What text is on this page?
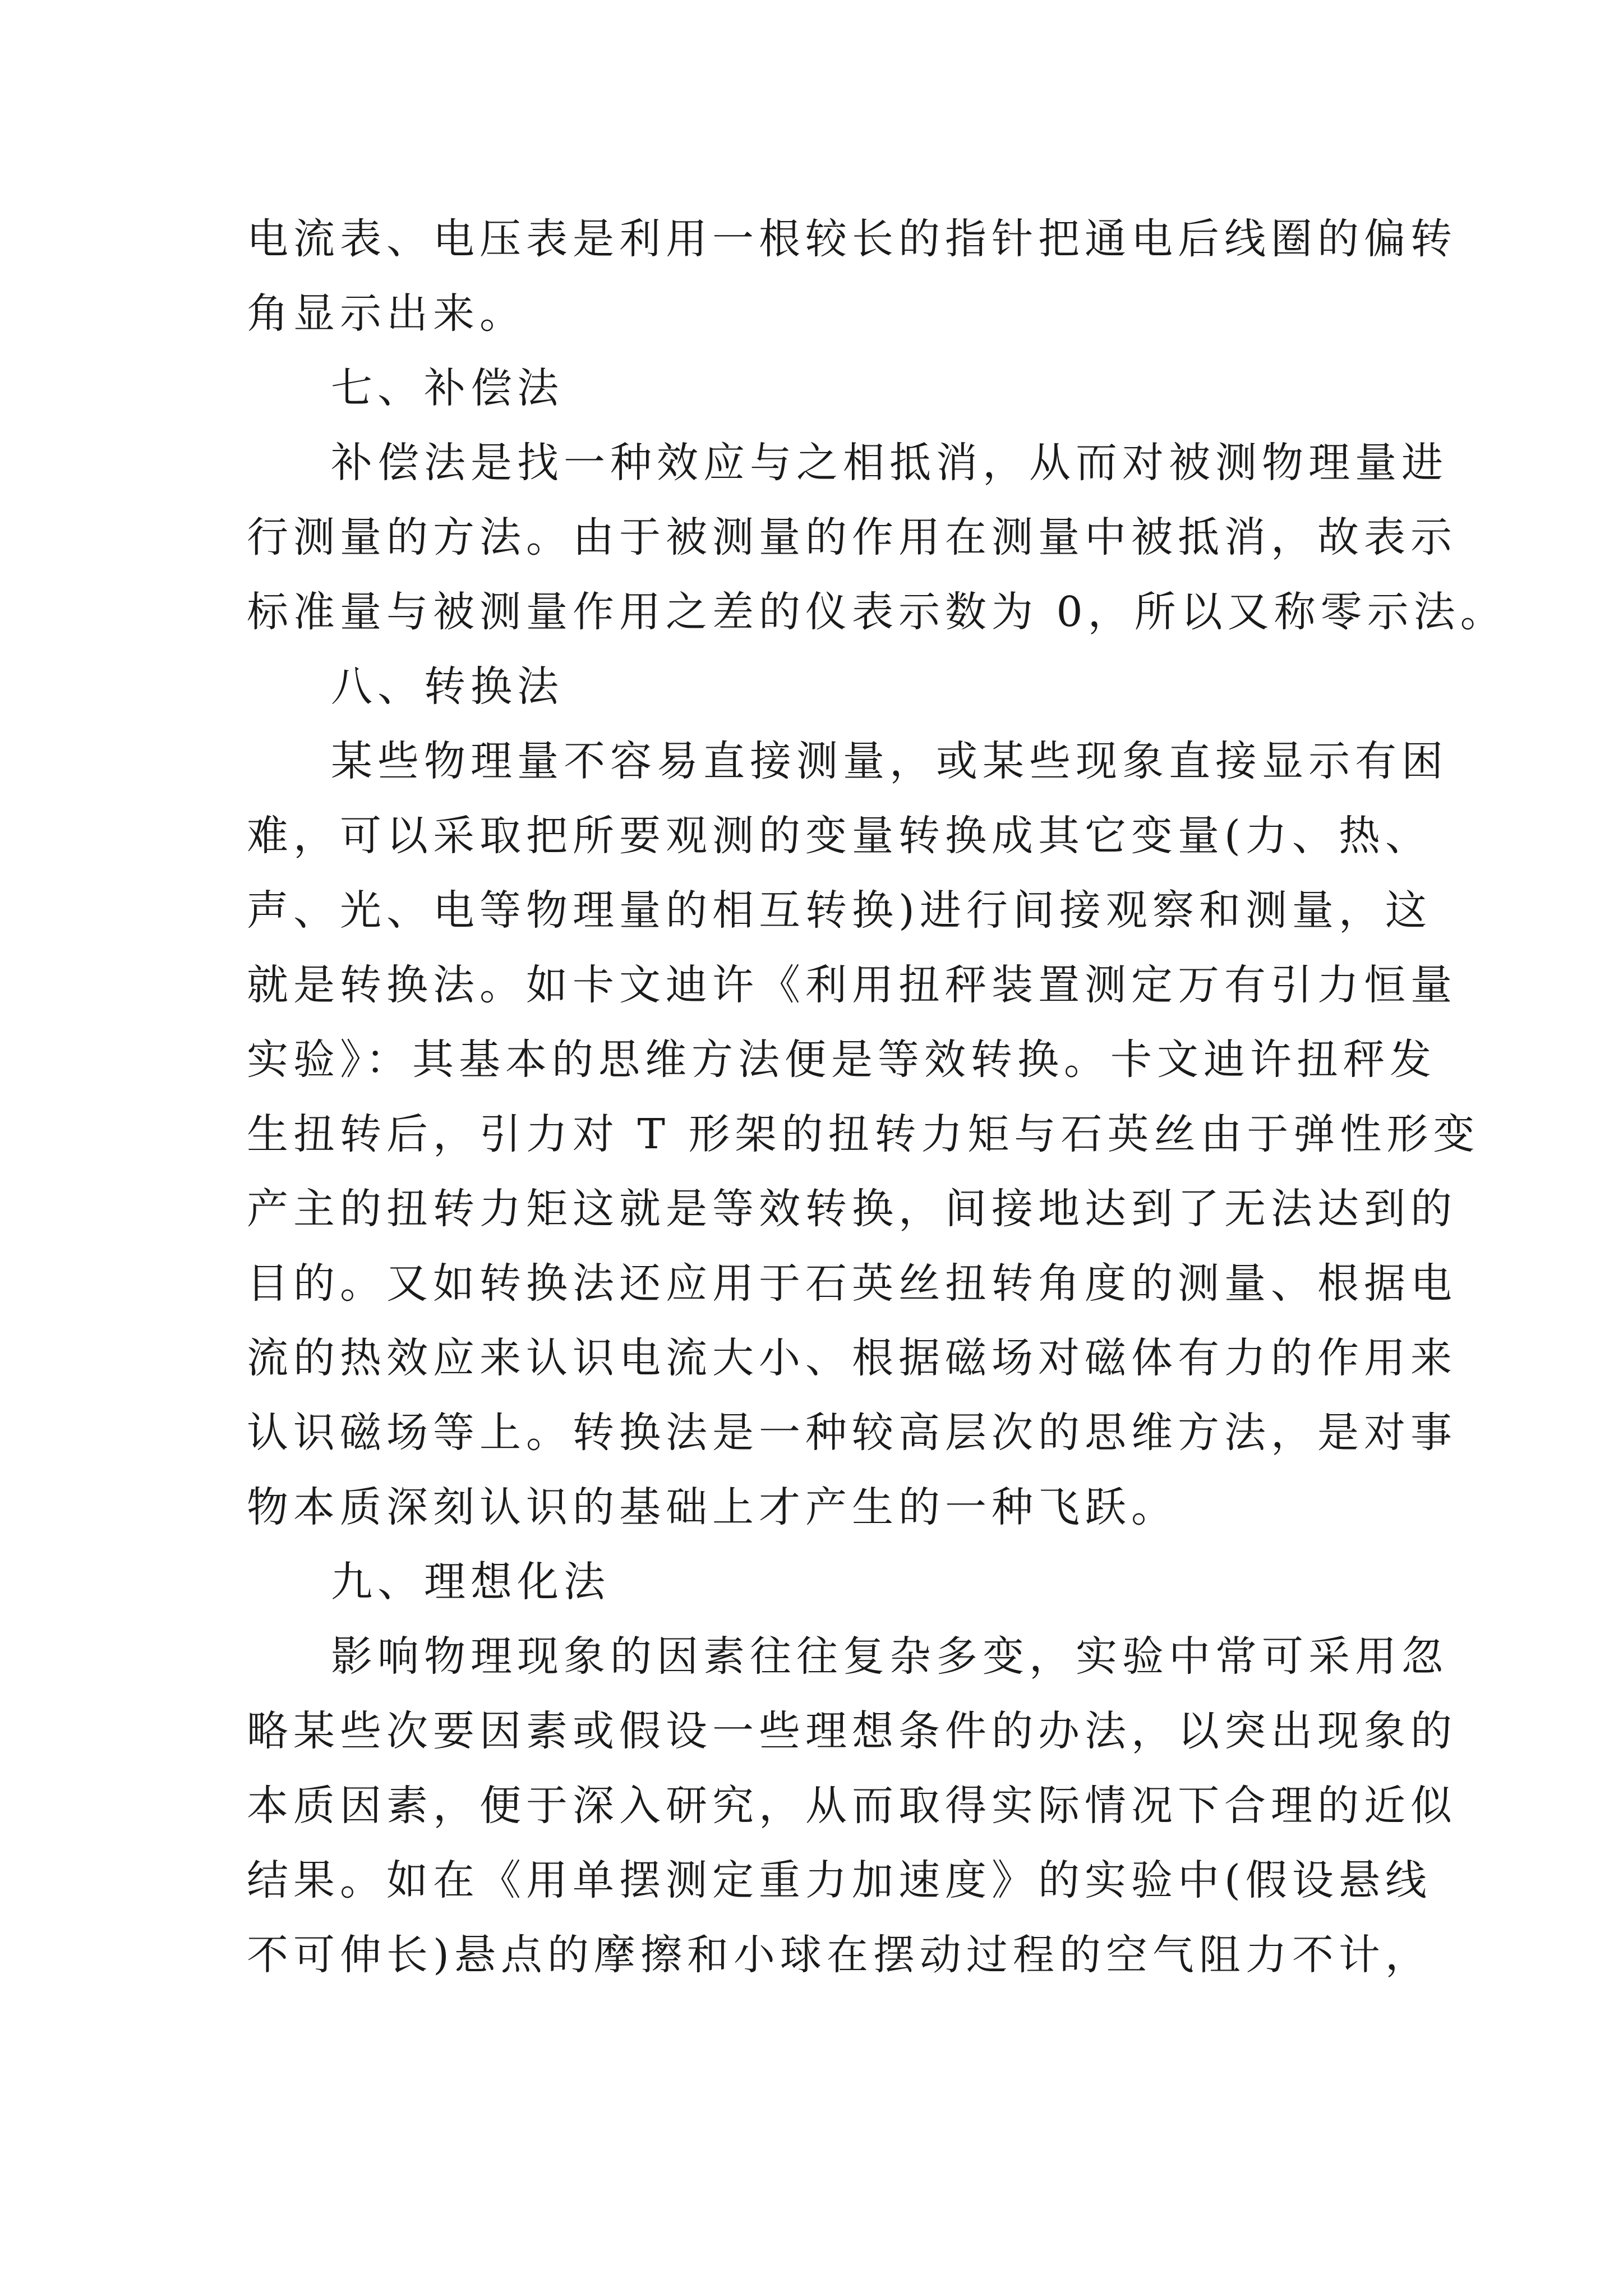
电流表、电压表是利用一根较长的指针把通电后线圈的偏转
角显示出来。
七、补偿法
补偿法是找一种效应与之相抵消，从而对被测物理量进
行测量的方法。由于被测量的作用在测量中被抵消，故表示
标准量与被测量作用之差的仪表示数为 0，所以又称零示法。
八、转换法
某些物理量不容易直接测量，或某些现象直接显示有困
难，可以采取把所要观测的变量转换成其它变量(力、热、
声、光、电等物理量的相互转换)进行间接观察和测量，这
就是转换法。如卡文迪许《利用扭秤装置测定万有引力恒量
实验》：其基本的思维方法便是等效转换。卡文迪许扭秤发
生扭转后，引力对 T 形架的扭转力矩与石英丝由于弹性形变
产主的扭转力矩这就是等效转换，间接地达到了无法达到的
目的。又如转换法还应用于石英丝扭转角度的测量、根据电
流的热效应来认识电流大小、根据磁场对磁体有力的作用来
认识磁场等上。转换法是一种较高层次的思维方法，是对事
物本质深刻认识的基础上才产生的一种飞跃。
九、理想化法
影响物理现象的因素往往复杂多变，实验中常可采用忽
略某些次要因素或假设一些理想条件的办法，以突出现象的
本质因素，便于深入研究，从而取得实际情况下合理的近似
结果。如在《用单摆测定重力加速度》的实验中(假设悬线
不可伸长)悬点的摩擦和小球在摆动过程的空气阻力不计，
